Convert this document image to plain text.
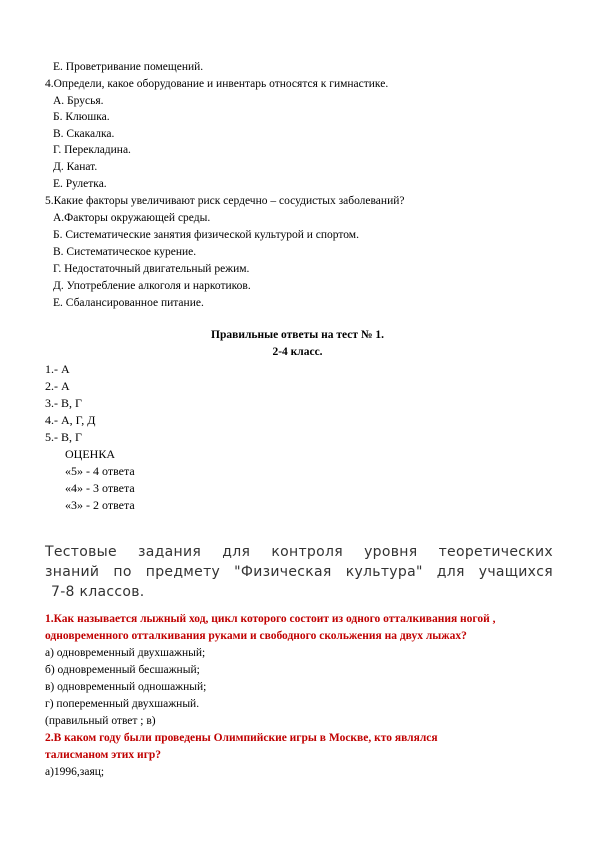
Е. Проветривание помещений.
4.Определи, какое оборудование и инвентарь относятся к гимнастике.
А. Брусья.
Б. Клюшка.
В. Скакалка.
Г. Перекладина.
Д. Канат.
Е. Рулетка.
5.Какие факторы увеличивают риск сердечно – сосудистых заболеваний?
А.Факторы окружающей среды.
Б. Систематические занятия физической культурой и спортом.
В. Систематическое курение.
Г. Недостаточный двигательный режим.
Д. Употребление алкоголя и наркотиков.
Е. Сбалансированное питание.
Правильные ответы на тест № 1.
2-4 класс.
1.- А
2.- А
3.- В, Г
4.- А, Г, Д
5.- В, Г
ОЦЕНКА
«5» - 4 ответа
«4» - 3 ответа
«3» - 2 ответа
Тестовые задания для контроля уровня теоретических
знаний по предмету "Физическая культура" для учащихся
7-8 классов.
1.Как называется лыжный ход, цикл которого состоит из одного отталкивания ногой ,
одновременного отталкивания руками и свободного скольжения на двух лыжах?
а) одновременный двухшажный;
б) одновременный бесшажный;
в) одновременный одношажный;
г) попеременный двухшажный.
(правильный ответ ; в)
2.В каком году были проведены Олимпийские игры в Москве, кто являлся
талисманом этих игр?
а)1996,заяц;
